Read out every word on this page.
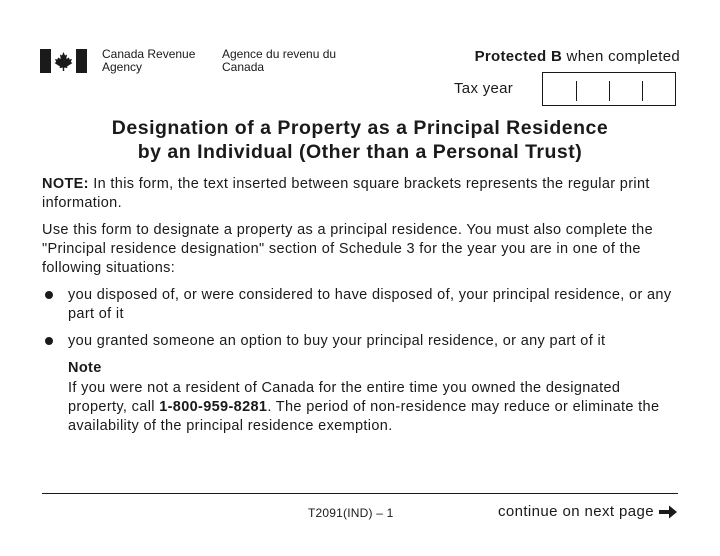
Canada Revenue Agency
Agence du revenu du Canada
Protected B when completed
Tax year
Designation of a Property as a Principal Residence
by an Individual (Other than a Personal Trust)

NOTE: In this form, the text inserted between square brackets represents the regular print information.

Use this form to designate a property as a principal residence. You must also complete the "Principal residence designation" section of Schedule 3 for the year you are in one of the following situations:

you disposed of, or were considered to have disposed of, your principal residence, or any part of it
you granted someone an option to buy your principal residence, or any part of it
Note
If you were not a resident of Canada for the entire time you owned the designated property, call 1-800-959-8281. The period of non-residence may reduce or eliminate the availability of the principal residence exemption.
T2091(IND) – 1	continue on next page
